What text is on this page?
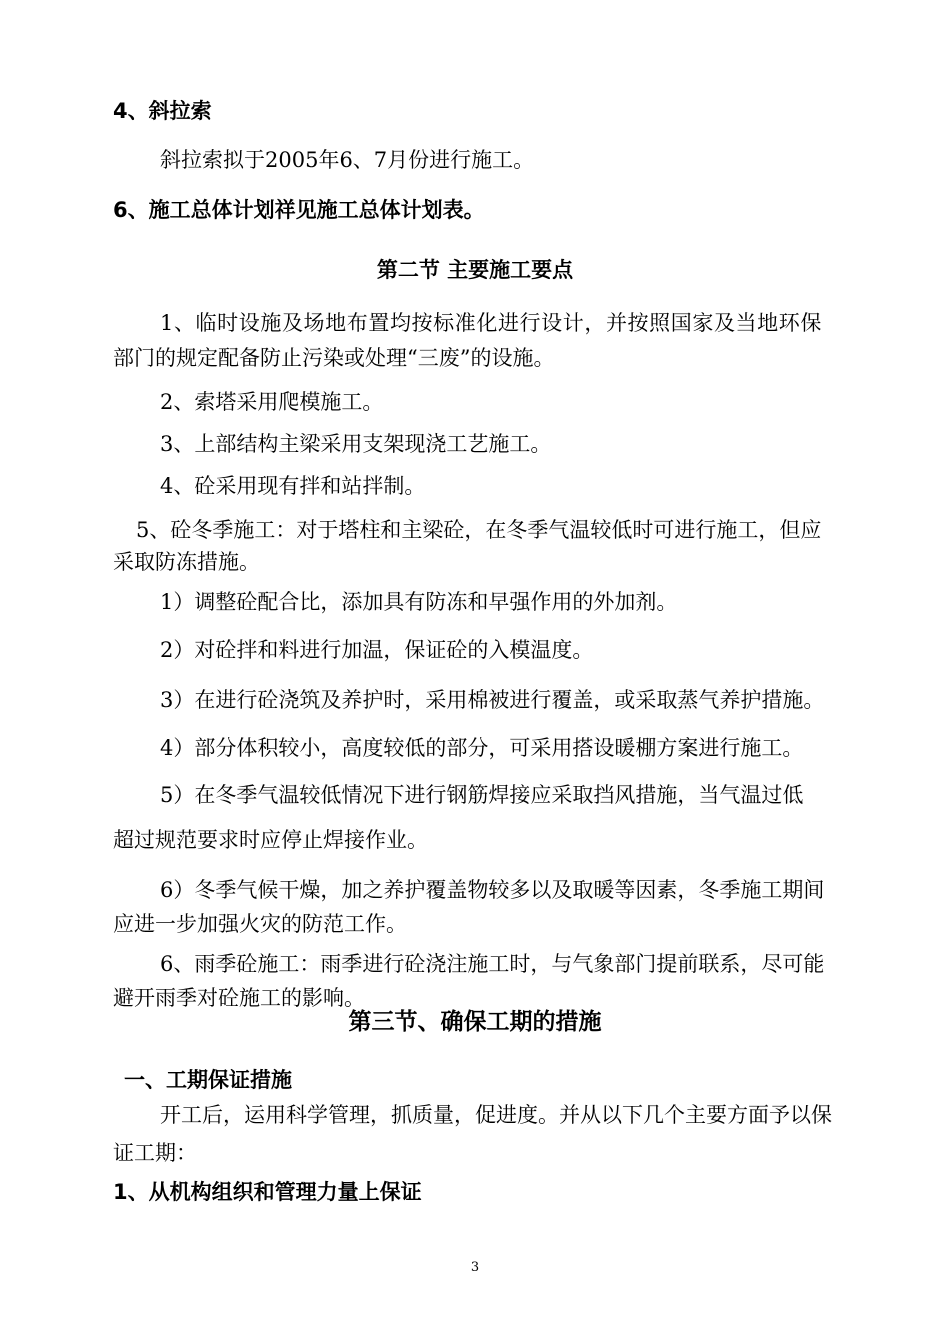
4、斜拉索
斜拉索拟于2005年6、7月份进行施工。
6、施工总体计划祥见施工总体计划表。
第二节 主要施工要点
1、临时设施及场地布置均按标准化进行设计，并按照国家及当地环保
部门的规定配备防止污染或处理“三废”的设施。
2、索塔采用爬模施工。
3、上部结构主梁采用支架现浇工艺施工。
4、砼采用现有拌和站拌制。
5、砼冬季施工：对于塔柱和主梁砼，在冬季气温较低时可进行施工，但应
采取防冻措施。
1）调整砼配合比，添加具有防冻和早强作用的外加剂。
2）对砼拌和料进行加温，保证砼的入模温度。
3）在进行砼浇筑及养护时，采用棉被进行覆盖，或采取蒸气养护措施。
4）部分体积较小，高度较低的部分，可采用搭设暖棚方案进行施工。
5）在冬季气温较低情况下进行钢筋焊接应采取挡风措施，当气温过低
超过规范要求时应停止焊接作业。
6）冬季气候干燥，加之养护覆盖物较多以及取暖等因素，冬季施工期间
应进一步加强火灾的防范工作。
6、雨季砼施工：雨季进行砼浇注施工时，与气象部门提前联系，尽可能
避开雨季对砼施工的影响。
第三节、确保工期的措施
一、工期保证措施
开工后，运用科学管理，抓质量，促进度。并从以下几个主要方面予以保
证工期：
1、从机构组织和管理力量上保证
3
